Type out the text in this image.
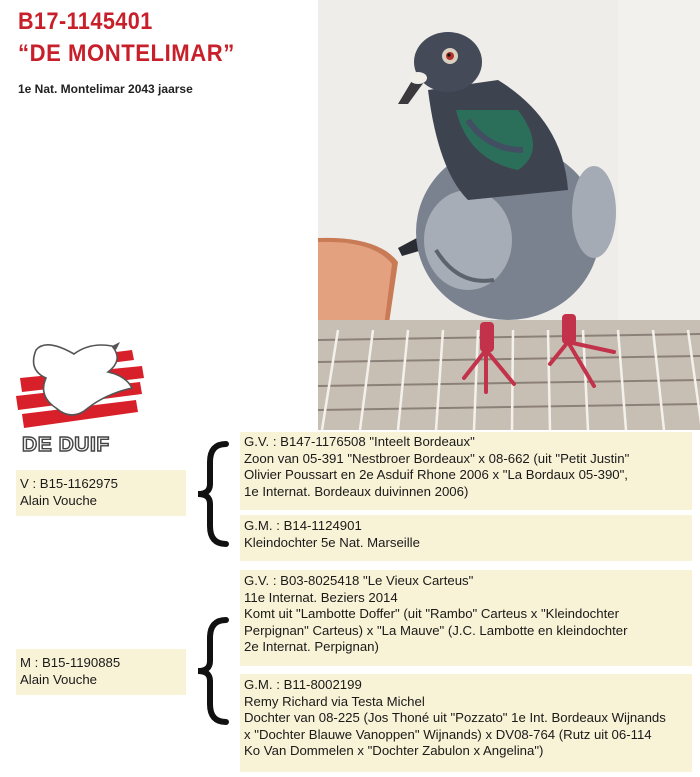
B17-1145401
“DE MONTELIMAR”
1e Nat. Montelimar 2043 jaarse
DE DUIF
V : B15-1162975
Alain Vouche
M : B15-1190885
Alain Vouche
G.V. : B147-1176508 "Inteelt Bordeaux"
Zoon van 05-391 "Nestbroer Bordeaux" x 08-662 (uit "Petit Justin"
Olivier Poussart en 2e Asduif Rhone 2006 x "La Bordaux 05-390",
1e Internat. Bordeaux duivinnen 2006)
G.M. : B14-1124901
Kleindochter 5e Nat. Marseille
G.V. : B03-8025418 "Le Vieux Carteus"
11e Internat. Beziers 2014
Komt uit "Lambotte Doffer" (uit "Rambo" Carteus x "Kleindochter
Perpignan" Carteus) x "La Mauve" (J.C. Lambotte en kleindochter
2e Internat. Perpignan)
G.M. : B11-8002199
Remy Richard via Testa Michel
Dochter van 08-225 (Jos Thoné uit "Pozzato" 1e Int. Bordeaux Wijnands
x "Dochter Blauwe Vanoppen" Wijnands) x DV08-764 (Rutz uit 06-114
Ko Van Dommelen x "Dochter Zabulon x Angelina")
